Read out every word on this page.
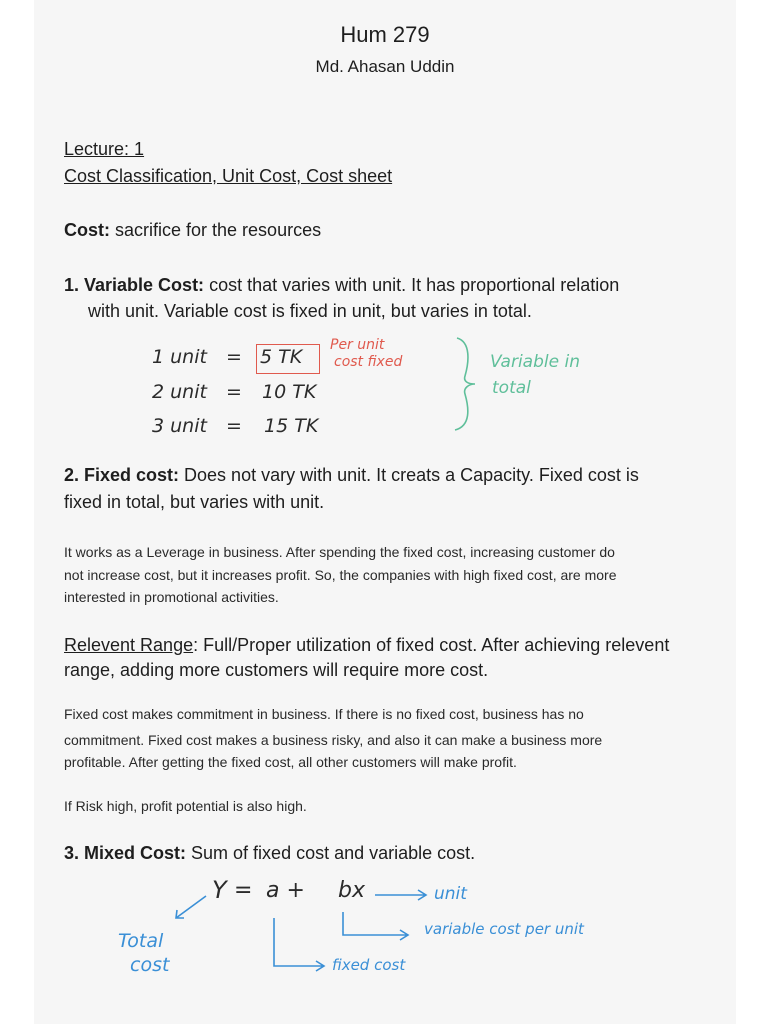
Hum 279
Md. Ahasan Uddin
Lecture: 1
Cost Classification, Unit Cost, Cost sheet
Cost: sacrifice for the resources
1. Variable Cost: cost that varies with unit. It has proportional relation
with unit. Variable cost is fixed in unit, but varies in total.
1 unit = 5 TK
2 unit = 10 TK
3 unit = 15 TK
Per unit
cost fixed	Variable in
total
2. Fixed cost: Does not vary with unit. It creats a Capacity. Fixed cost is
fixed in total, but varies with unit.
It works as a Leverage in business. After spending the fixed cost, increasing customer do
not increase cost, but it increases profit. So, the companies with high fixed cost, are more
interested in promotional activities.
Relevent Range: Full/Proper utilization of fixed cost. After achieving relevent
range, adding more customers will require more cost.
Fixed cost makes commitment in business. If there is no fixed cost, business has no
commitment. Fixed cost makes a business risky, and also it can make a business more
profitable. After getting the fixed cost, all other customers will make profit.
If Risk high, profit potential is also high.
3. Mixed Cost: Sum of fixed cost and variable cost.
Y = a + bx	unit
variable cost per unit
Total
cost	fixed cost
